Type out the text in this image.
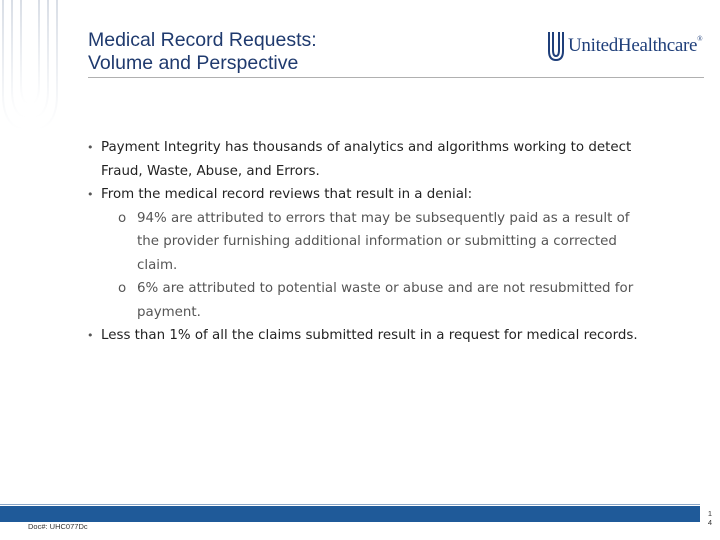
Medical Record Requests:
Volume and Perspective
UnitedHealthcare®
• Payment Integrity has thousands of analytics and algorithms working to detect Fraud, Waste, Abuse, and Errors.
• From the medical record reviews that result in a denial:
o 94% are attributed to errors that may be subsequently paid as a result of the provider furnishing additional information or submitting a corrected claim.
o 6% are attributed to potential waste or abuse and are not resubmitted for payment.
• Less than 1% of all the claims submitted result in a request for medical records.
Doc#: UHC077Dc
1
4
